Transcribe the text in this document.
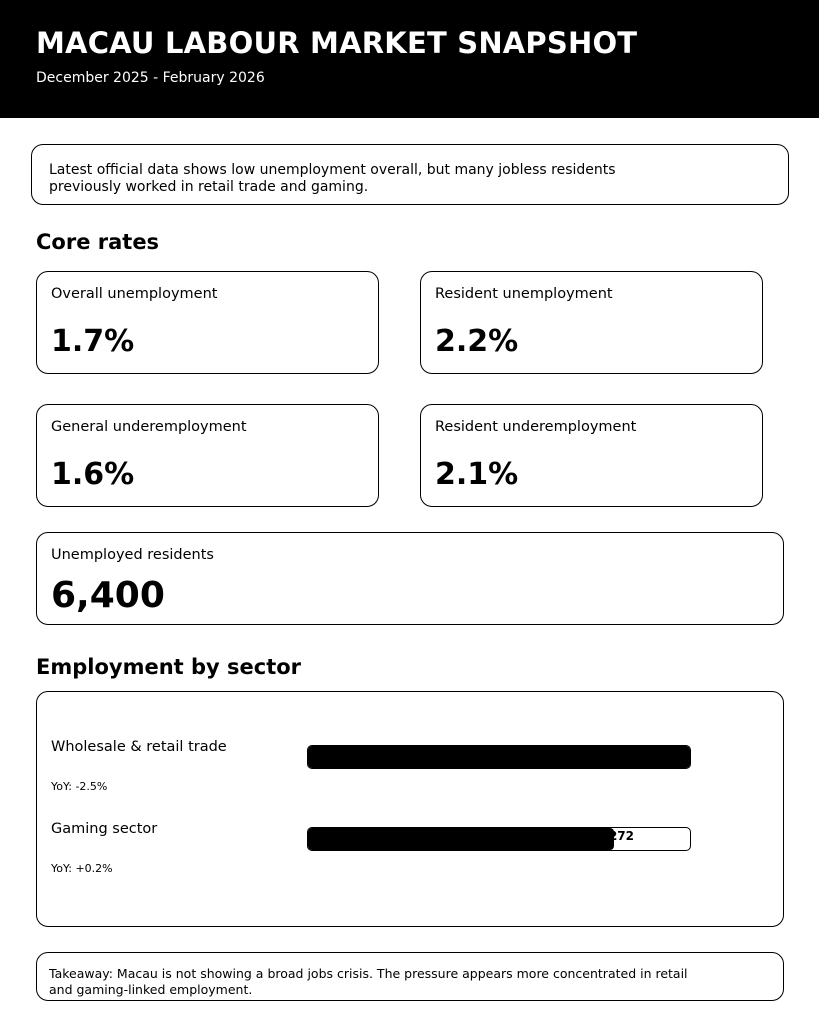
MACAU LABOUR MARKET SNAPSHOT
December 2025 - February 2026
Latest official data shows low unemployment overall, but many jobless residents previously worked in retail trade and gaming.
Core rates
Overall unemployment
1.7%
Resident unemployment
2.2%
General underemployment
1.6%
Resident underemployment
2.1%
Unemployed residents
6,400
Employment by sector
Wholesale & retail trade
YoY: -2.5%
Gaming sector
YoY: +0.2%
272
Takeaway: Macau is not showing a broad jobs crisis. The pressure appears more concentrated in retail and gaming-linked employment.
